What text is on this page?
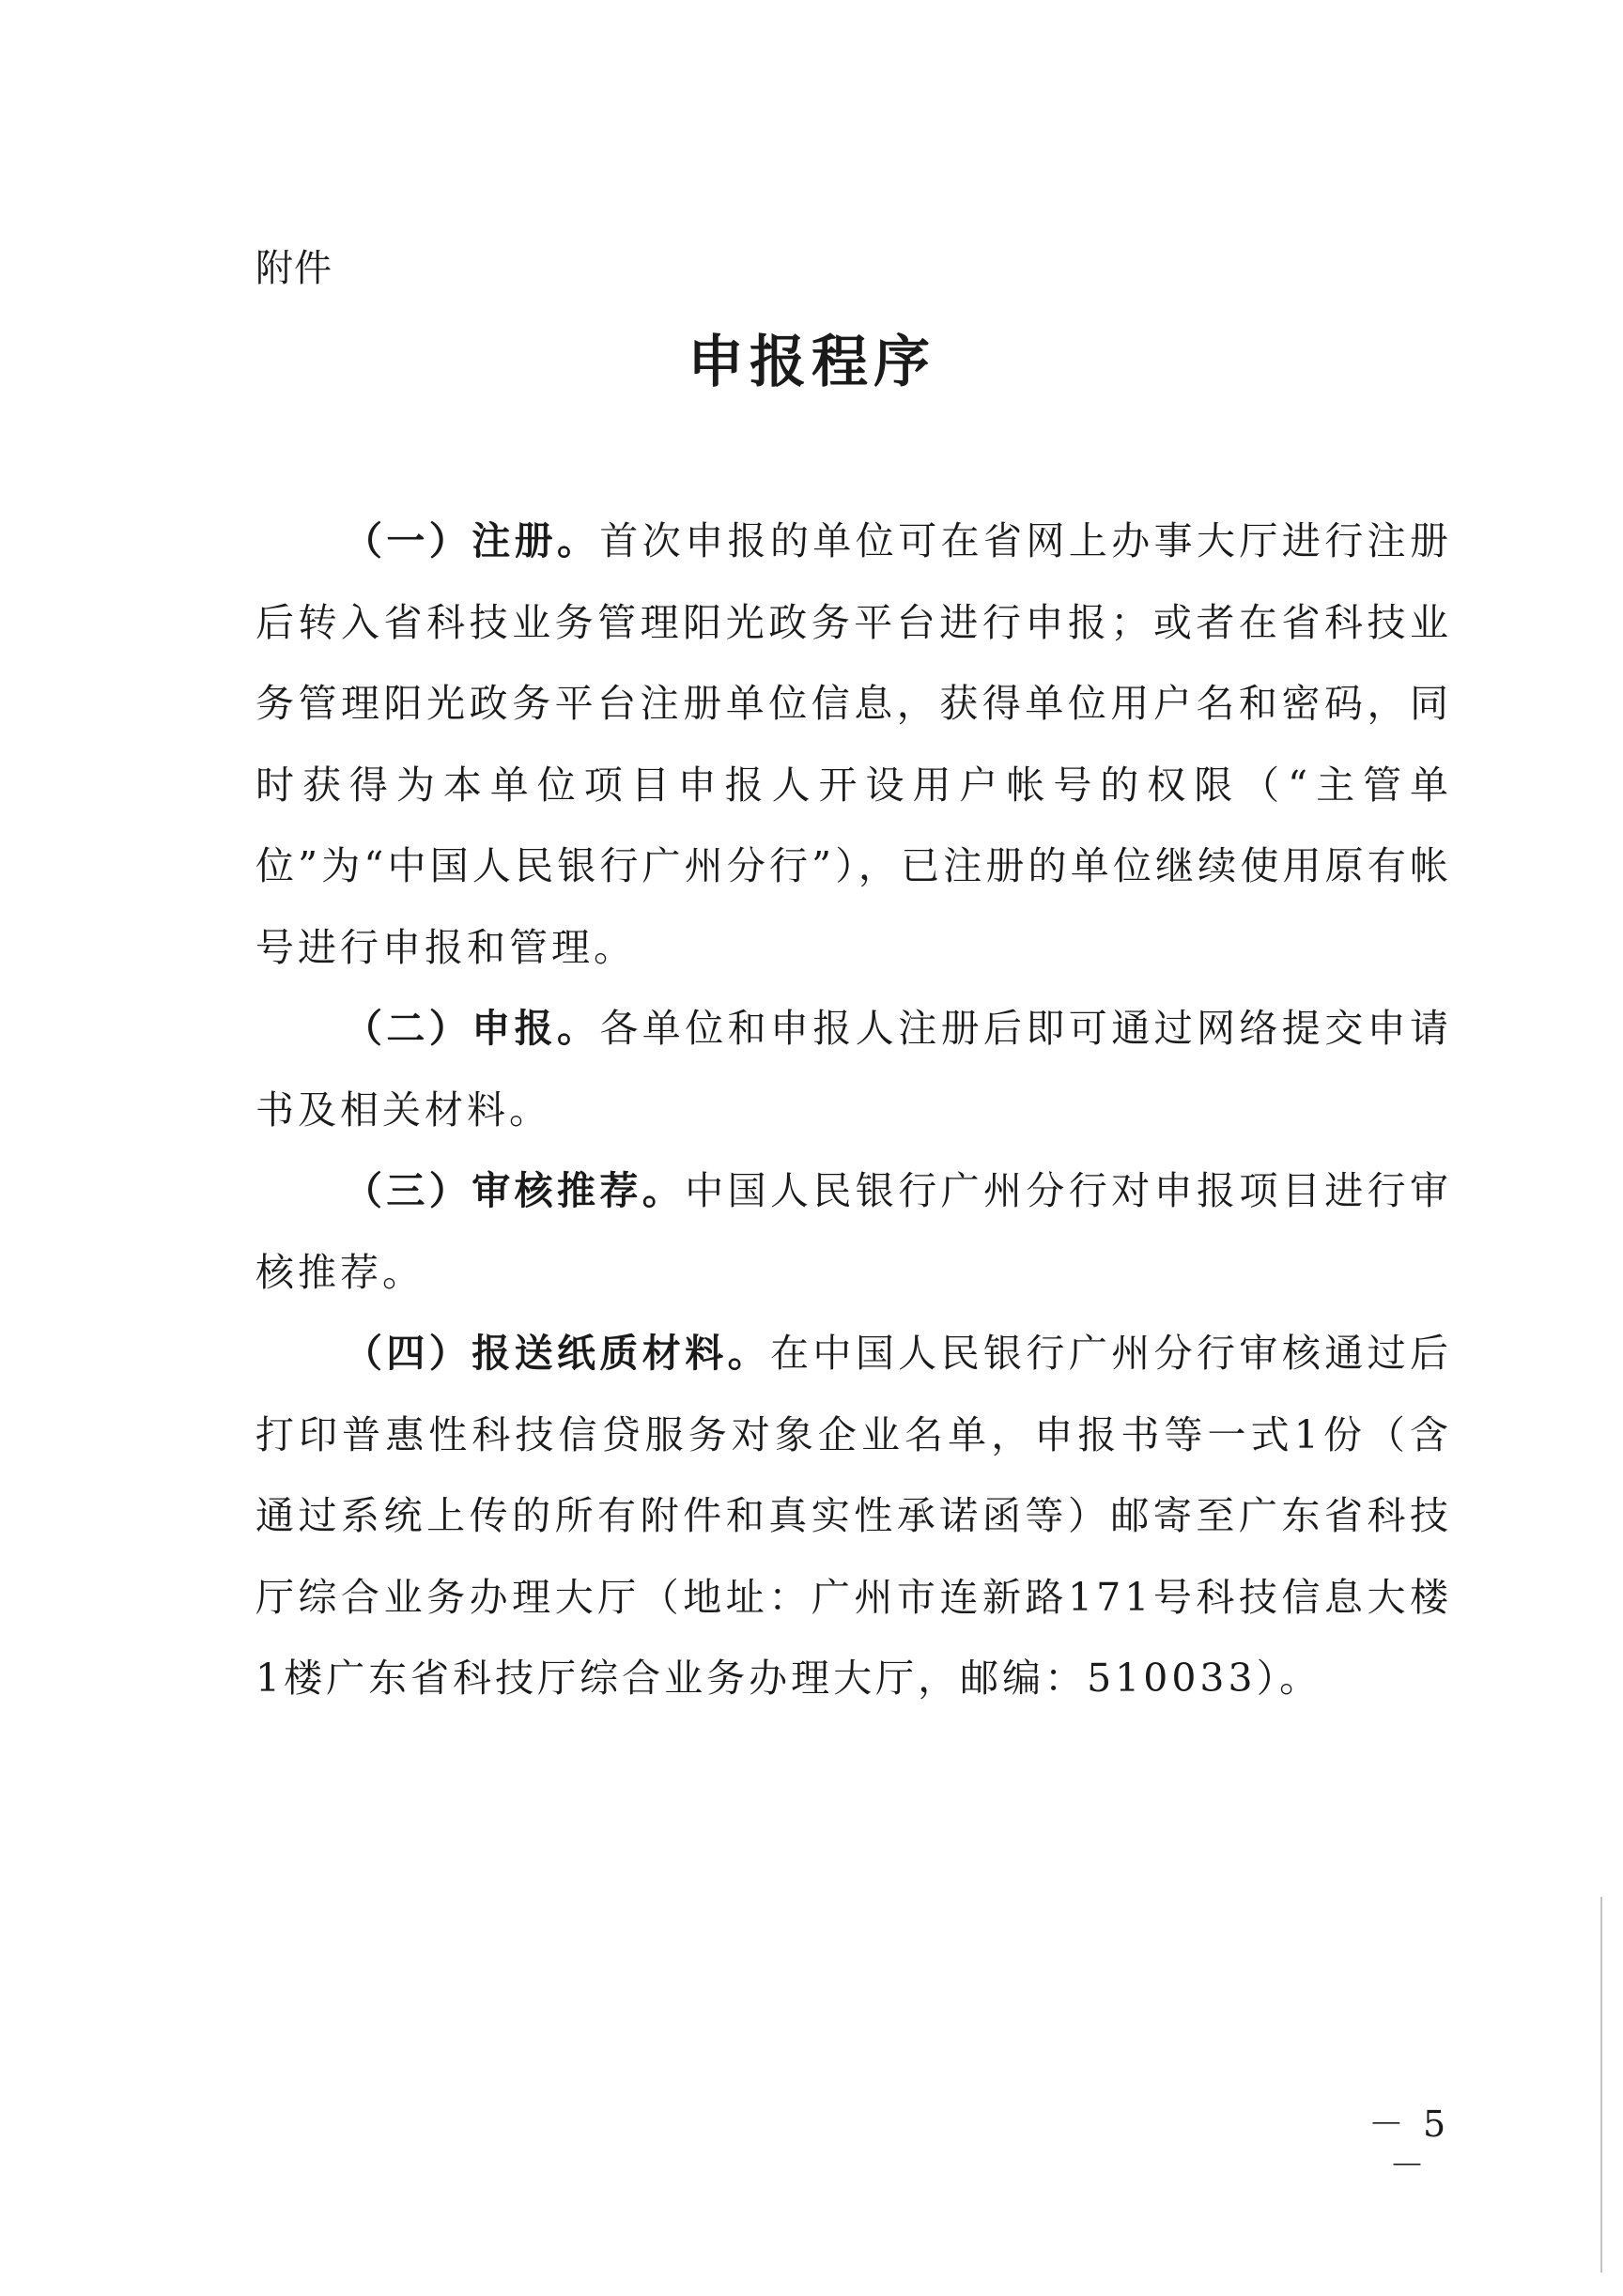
附件
申报程序

（一）注册。首次申报的单位可在省网上办事大厅进行注册后转入省科技业务管理阳光政务平台进行申报；或者在省科技业务管理阳光政务平台注册单位信息，获得单位用户名和密码，同时获得为本单位项目申报人开设用户帐号的权限（“主管单位”为“中国人民银行广州分行”），已注册的单位继续使用原有帐号进行申报和管理。

（二）申报。各单位和申报人注册后即可通过网络提交申请书及相关材料。

（三）审核推荐。中国人民银行广州分行对申报项目进行审核推荐。

（四）报送纸质材料。在中国人民银行广州分行审核通过后打印普惠性科技信贷服务对象企业名单，申报书等一式1份（含通过系统上传的所有附件和真实性承诺函等）邮寄至广东省科技厅综合业务办理大厅（地址：广州市连新路171号科技信息大楼1楼广东省科技厅综合业务办理大厅，邮编：510033）。

－ 5 －
